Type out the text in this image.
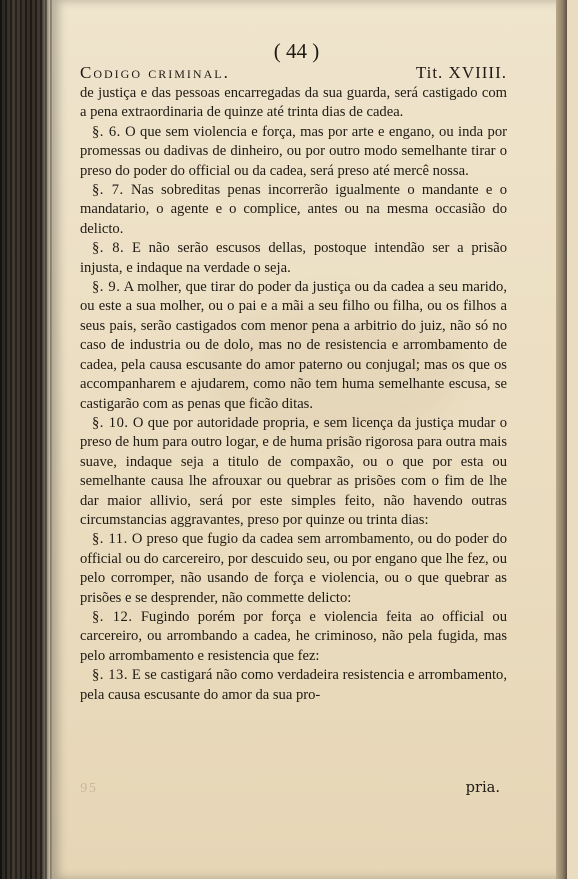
( 44 )
Codigo criminal.	Tit. XVIIII.

de justiça e das pessoas encarregadas da sua guarda, será castigado com a pena extraordinaria de quinze até trinta dias de cadea.

§. 6. O que sem violencia e força, mas por arte e engano, ou inda por promessas ou dadivas de dinheiro, ou por outro modo semelhante tirar o preso do poder do official ou da cadea, será preso até mercê nossa.

§. 7. Nas sobreditas penas incorrerão igualmente o mandante e o mandatario, o agente e o complice, antes ou na mesma occasião do delicto.

§. 8. E não serão escusos dellas, postoque intendão ser a prisão injusta, e indaque na verdade o seja.

§. 9. A molher, que tirar do poder da justiça ou da cadea a seu marido, ou este a sua molher, ou o pai e a mãi a seu filho ou filha, ou os filhos a seus pais, serão castigados com menor pena a arbitrio do juiz, não só no caso de industria ou de dolo, mas no de resistencia e arrombamento de cadea, pela causa escusante do amor paterno ou conjugal; mas os que os accompanharem e ajudarem, como não tem huma semelhante escusa, se castigarão com as penas que ficão ditas.

§. 10. O que por autoridade propria, e sem licença da justiça mudar o preso de hum para outro logar, e de huma prisão rigorosa para outra mais suave, indaque seja a titulo de compaxão, ou o que por esta ou semelhante causa lhe afrouxar ou quebrar as prisões com o fim de lhe dar maior allivio, será por este simples feito, não havendo outras circumstancias aggravantes, preso por quinze ou trinta dias:

§. 11. O preso que fugio da cadea sem arrombamento, ou do poder do official ou do carcereiro, por descuido seu, ou por engano que lhe fez, ou pelo corromper, não usando de força e violencia, ou o que quebrar as prisões e se desprender, não commette delicto:

§. 12. Fugindo porém por força e violencia feita ao official ou carcereiro, ou arrombando a cadea, he criminoso, não pela fugida, mas pelo arrombamento e resistencia que fez:

§. 13. E se castigará não como verdadeira resistencia e arrombamento, pela causa escusante do amor da sua pro-

95	pria.
